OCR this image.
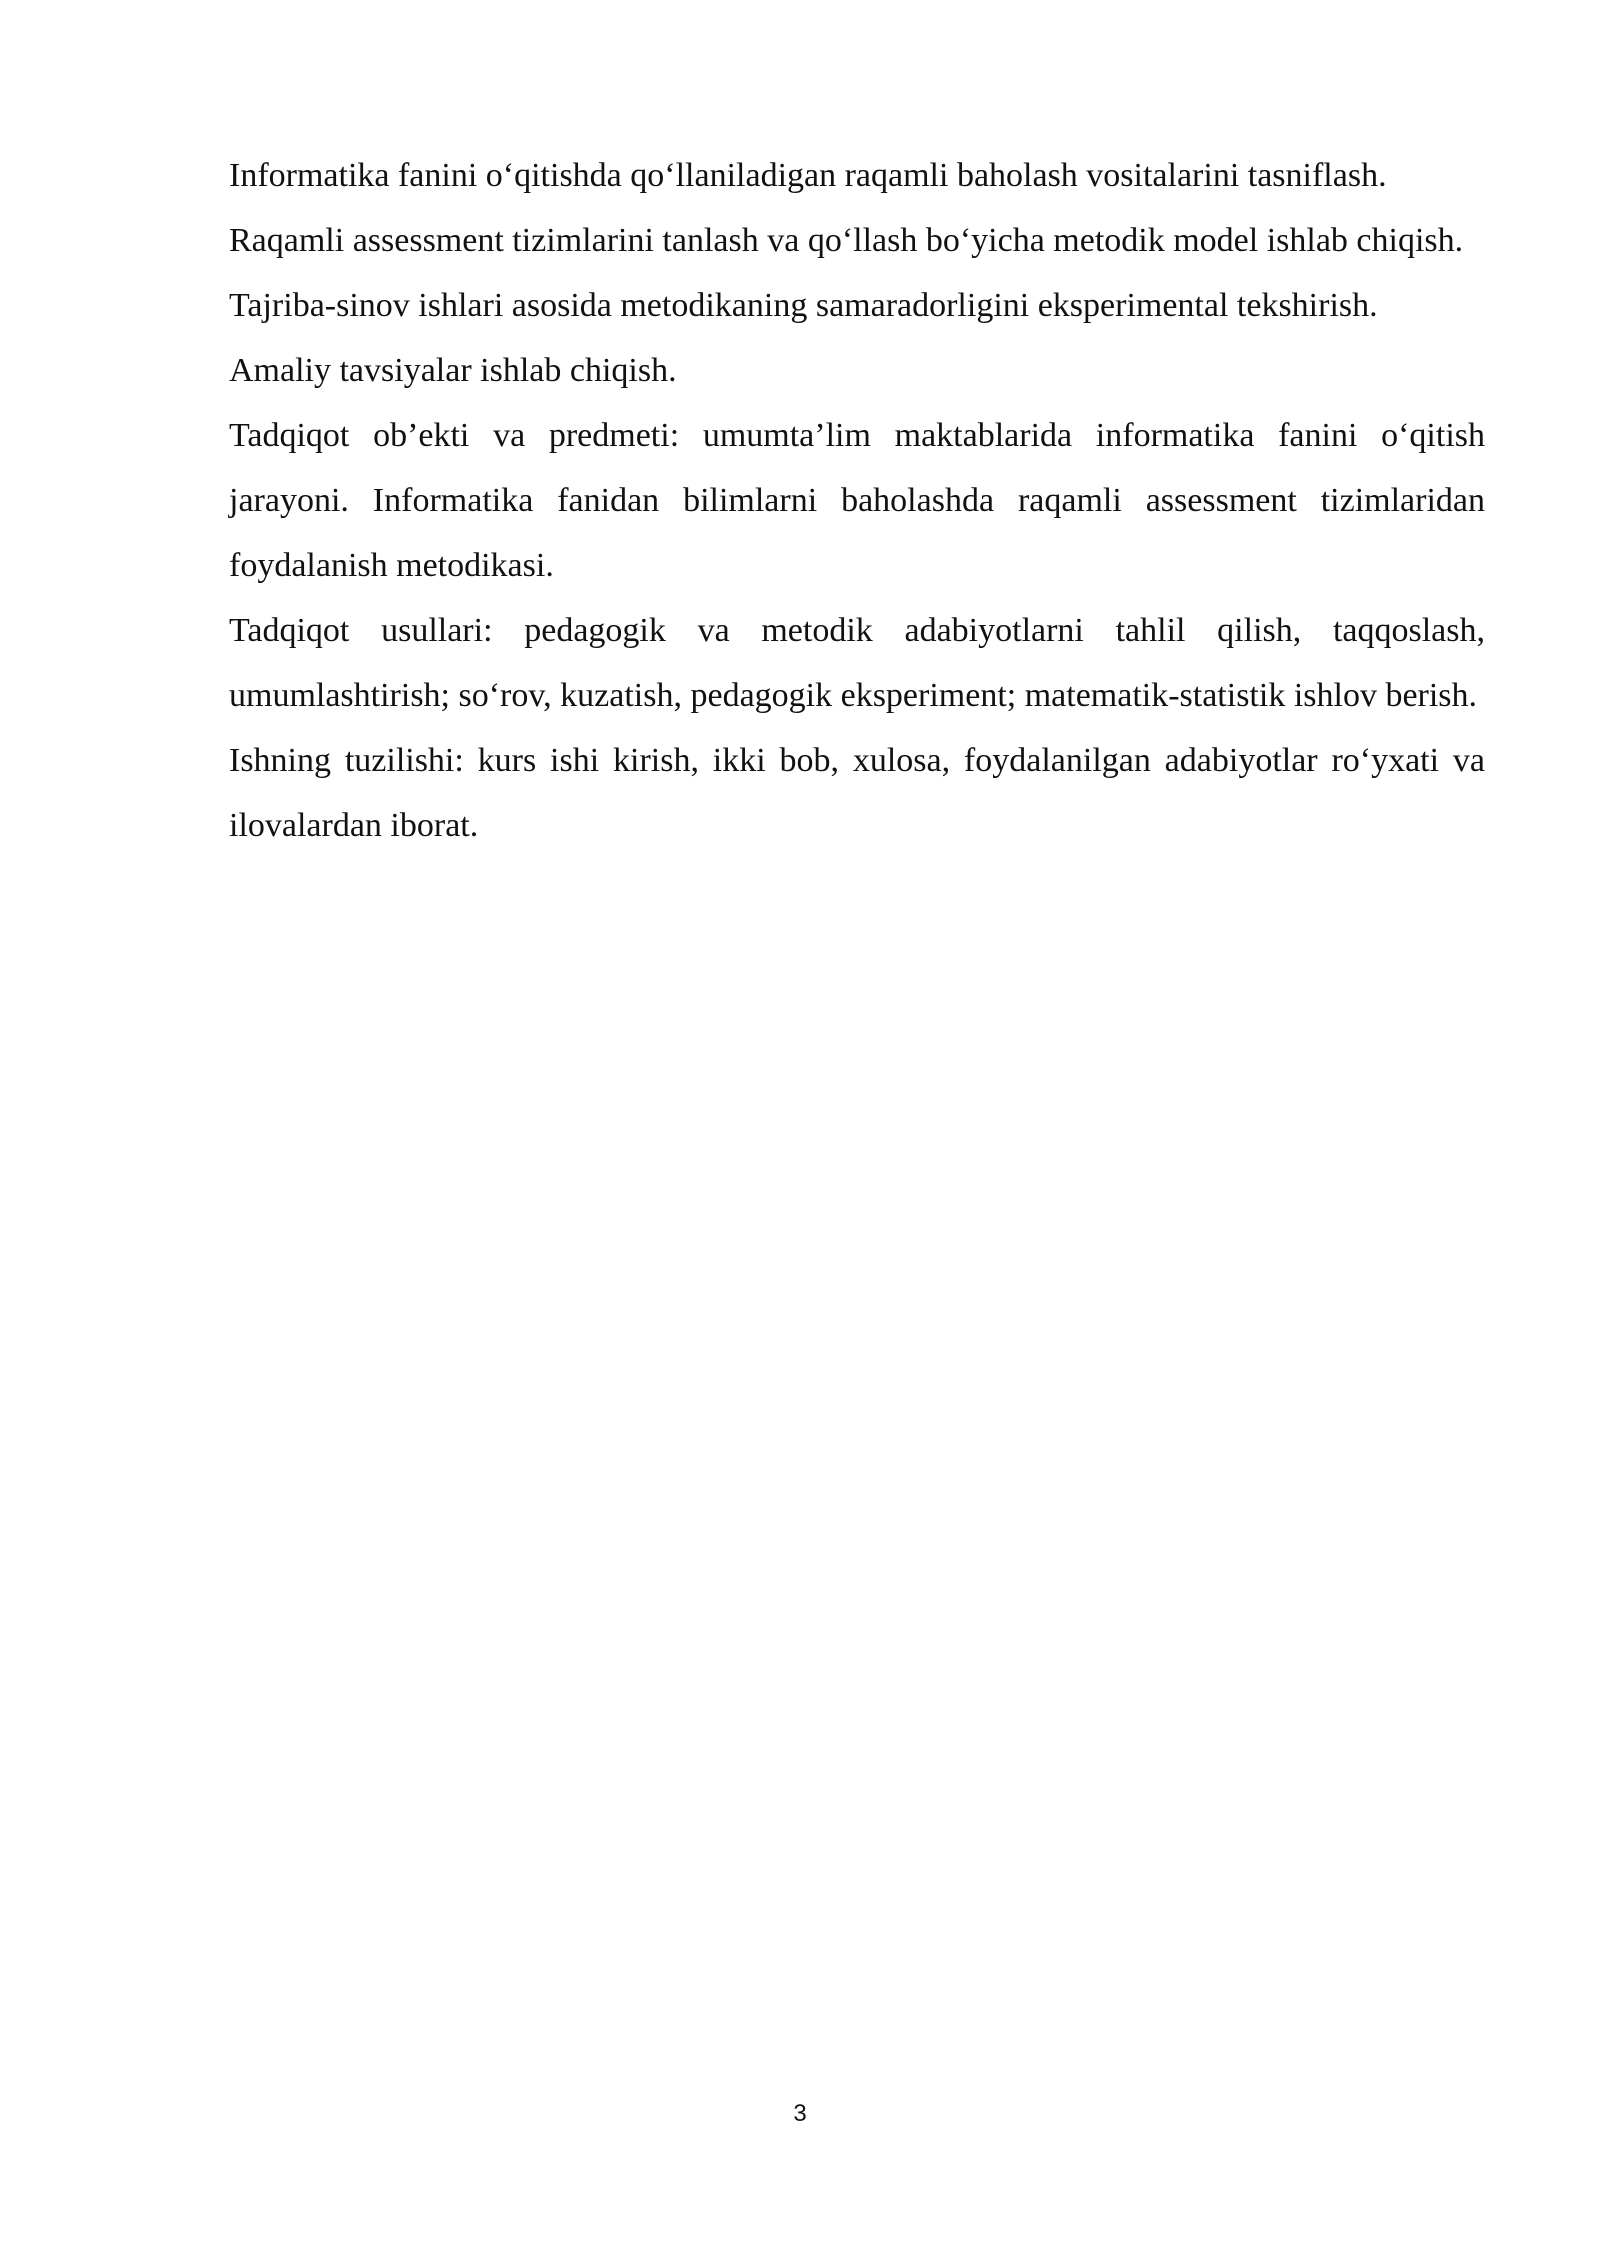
Informatika fanini o‘qitishda qo‘llaniladigan raqamli baholash vositalarini tasniflash.

Raqamli assessment tizimlarini tanlash va qo‘llash bo‘yicha metodik model ishlab chiqish.

Tajriba-sinov ishlari asosida metodikaning samaradorligini eksperimental tekshirish.

Amaliy tavsiyalar ishlab chiqish.

Tadqiqot ob’ekti va predmeti: umumta’lim maktablarida informatika fanini o‘qitish jarayoni. Informatika fanidan bilimlarni baholashda raqamli assessment tizimlaridan foydalanish metodikasi.

Tadqiqot usullari: pedagogik va metodik adabiyotlarni tahlil qilish, taqqoslash, umumlashtirish; so‘rov, kuzatish, pedagogik eksperiment; matematik-statistik ishlov berish.

Ishning tuzilishi: kurs ishi kirish, ikki bob, xulosa, foydalanilgan adabiyotlar ro‘yxati va ilovalardan iborat.

3
